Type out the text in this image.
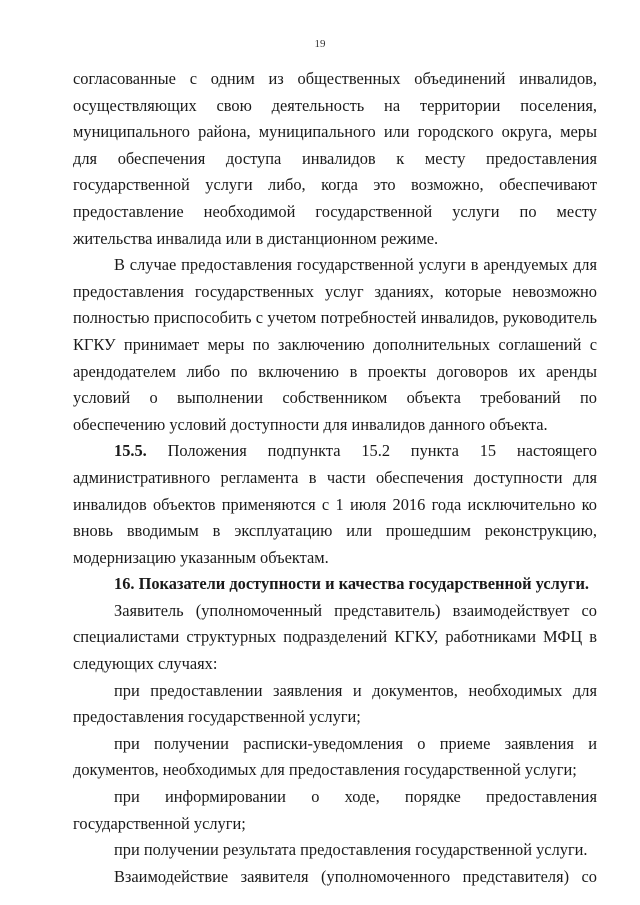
19

согласованные с одним из общественных объединений инвалидов, осуществляющих свою деятельность на территории поселения, муниципального района, муниципального или городского округа, меры для обеспечения доступа инвалидов к месту предоставления государственной услуги либо, когда это возможно, обеспечивают предоставление необходимой государственной услуги по месту жительства инвалида или в дистанционном режиме.

В случае предоставления государственной услуги в арендуемых для предоставления государственных услуг зданиях, которые невозможно полностью приспособить с учетом потребностей инвалидов, руководитель КГКУ принимает меры по заключению дополнительных соглашений с арендодателем либо по включению в проекты договоров их аренды условий о выполнении собственником объекта требований по обеспечению условий доступности для инвалидов данного объекта.

15.5. Положения подпункта 15.2 пункта 15 настоящего административного регламента в части обеспечения доступности для инвалидов объектов применяются с 1 июля 2016 года исключительно ко вновь вводимым в эксплуатацию или прошедшим реконструкцию, модернизацию указанным объектам.

16. Показатели доступности и качества государственной услуги.

Заявитель (уполномоченный представитель) взаимодействует со специалистами структурных подразделений КГКУ, работниками МФЦ в следующих случаях:

при предоставлении заявления и документов, необходимых для предоставления государственной услуги;

при получении расписки-уведомления о приеме заявления и документов, необходимых для предоставления государственной услуги;

при информировании о ходе, порядке предоставления государственной услуги;

при получении результата предоставления государственной услуги.

Взаимодействие заявителя (уполномоченного представителя) со
